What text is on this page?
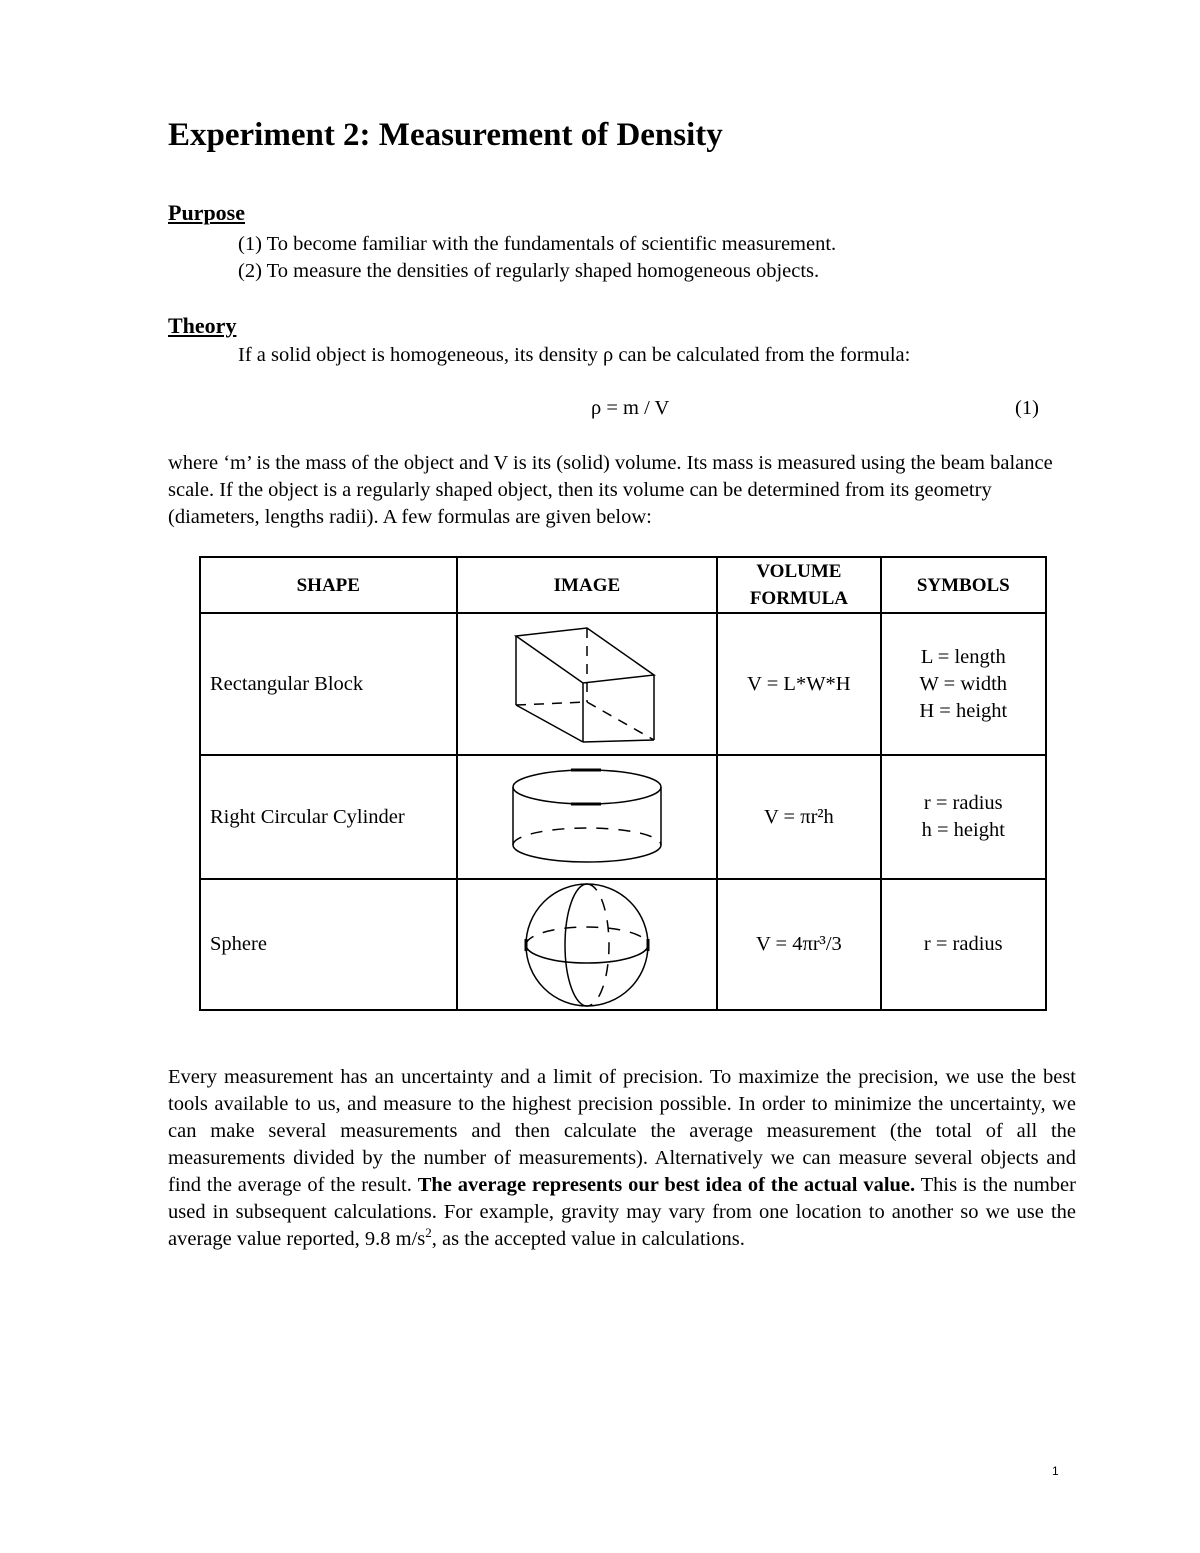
Experiment 2: Measurement of Density
Purpose
(1) To become familiar with the fundamentals of scientific measurement.
(2) To measure the densities of regularly shaped homogeneous objects.
Theory
If a solid object is homogeneous, its density ρ can be calculated from the formula:
ρ = m / V	(1)

where ‘m’ is the mass of the object and V is its (solid) volume. Its mass is measured using the beam balance scale. If the object is a regularly shaped object, then its volume can be determined from its geometry (diameters, lengths radii). A few formulas are given below:

SHAPE	IMAGE	VOLUME FORMULA	SYMBOLS
Rectangular Block		V = L*W*H	L = length
W = width
H = height

Right Circular Cylinder		V = πr²h	r = radius
h = height

Sphere		V = 4πr³/3	r = radius

Every measurement has an uncertainty and a limit of precision. To maximize the precision, we use the best tools available to us, and measure to the highest precision possible. In order to minimize the uncertainty, we can make several measurements and then calculate the average measurement (the total of all the measurements divided by the number of measurements). Alternatively we can measure several objects and find the average of the result. The average represents our best idea of the actual value. This is the number used in subsequent calculations. For example, gravity may vary from one location to another so we use the average value reported, 9.8 $m/s^2$, as the accepted value in calculations.

1
